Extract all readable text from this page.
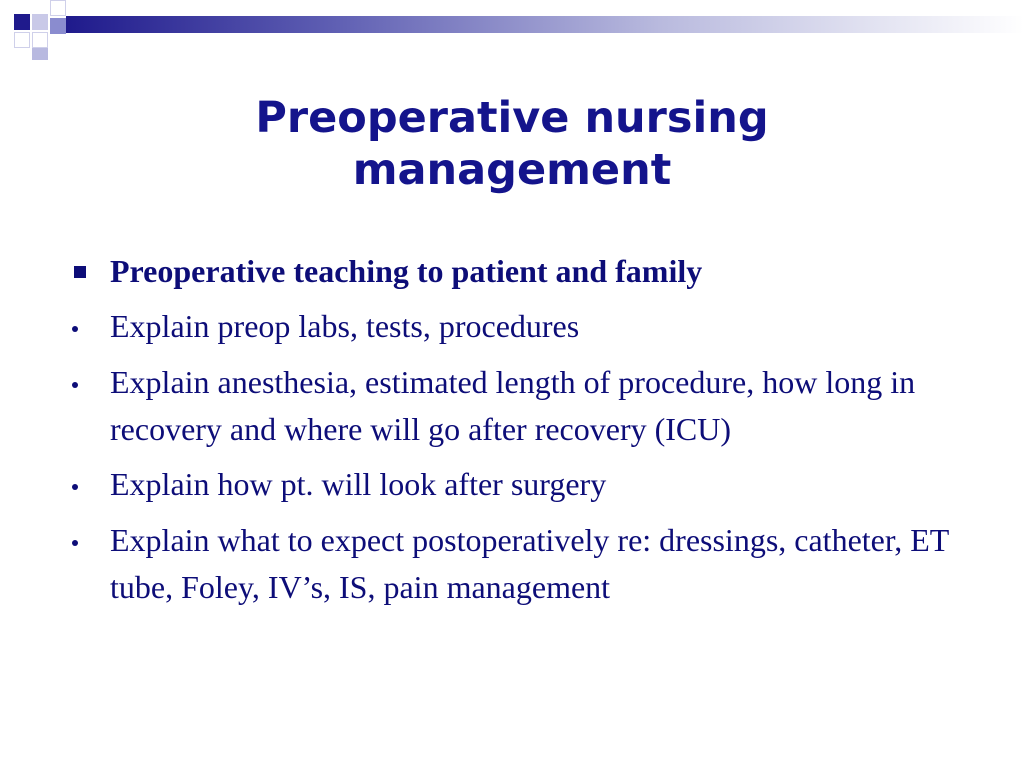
Preoperative nursing
management
Preoperative teaching to patient and family
Explain preop labs, tests, procedures
Explain anesthesia, estimated length of procedure, how long in recovery and where will go after recovery (ICU)
Explain how pt. will look after surgery
Explain what to expect postoperatively re: dressings, catheter, ET tube, Foley, IV’s, IS, pain management
